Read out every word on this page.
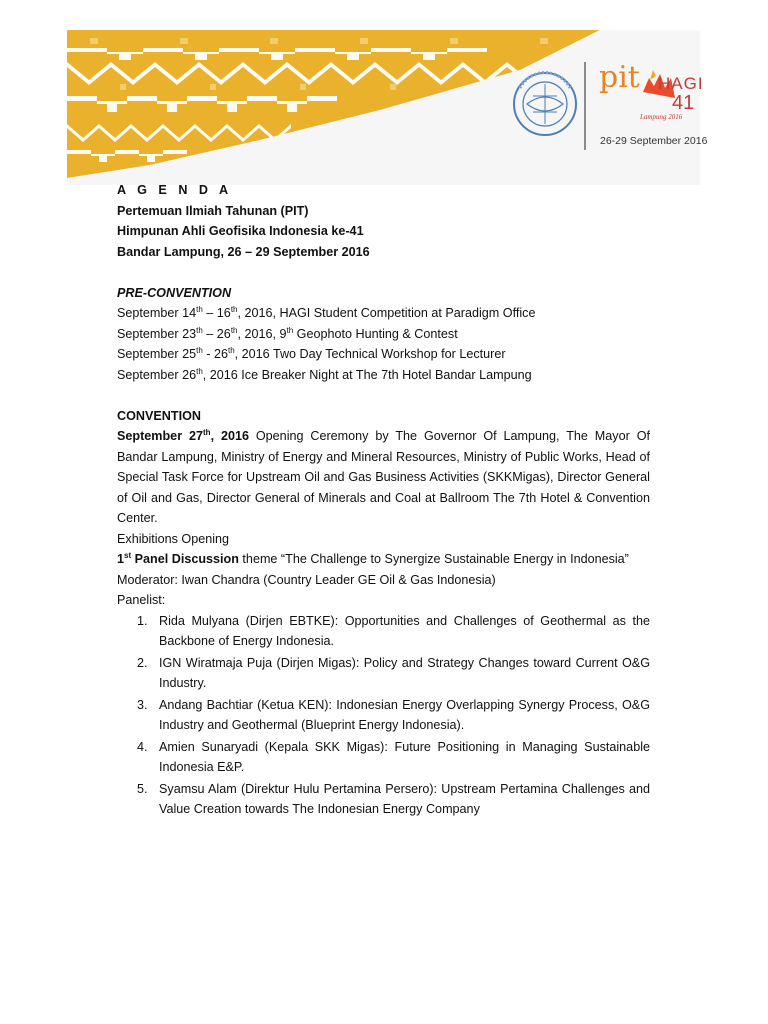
pit HAGI
41
Lampung 2016
26-29 September 2016
A G E N D A
Pertemuan Ilmiah Tahunan (PIT)
Himpunan Ahli Geofisika Indonesia ke-41
Bandar Lampung, 26 – 29 September 2016
PRE-CONVENTION
September 14th – 16th, 2016, HAGI Student Competition at Paradigm Office
September 23th – 26th, 2016, 9th Geophoto Hunting & Contest
September 25th - 26th, 2016 Two Day Technical Workshop for Lecturer
September 26th, 2016 Ice Breaker Night at The 7th Hotel Bandar Lampung
CONVENTION
September 27th, 2016 Opening Ceremony by The Governor Of Lampung, The Mayor Of Bandar Lampung, Ministry of Energy and Mineral Resources, Ministry of Public Works, Head of Special Task Force for Upstream Oil and Gas Business Activities (SKKMigas), Director General of Oil and Gas, Director General of Minerals and Coal at Ballroom The 7th Hotel & Convention Center.
Exhibitions Opening
1st Panel Discussion theme “The Challenge to Synergize Sustainable Energy in Indonesia”
Moderator: Iwan Chandra (Country Leader GE Oil & Gas Indonesia)
Panelist:
1. Rida Mulyana (Dirjen EBTKE): Opportunities and Challenges of Geothermal as the Backbone of Energy Indonesia.
2. IGN Wiratmaja Puja (Dirjen Migas): Policy and Strategy Changes toward Current O&G Industry.
3. Andang Bachtiar (Ketua KEN): Indonesian Energy Overlapping Synergy Process, O&G Industry and Geothermal (Blueprint Energy Indonesia).
4. Amien Sunaryadi (Kepala SKK Migas): Future Positioning in Managing Sustainable Indonesia E&P.
5. Syamsu Alam (Direktur Hulu Pertamina Persero): Upstream Pertamina Challenges and Value Creation towards The Indonesian Energy Company
